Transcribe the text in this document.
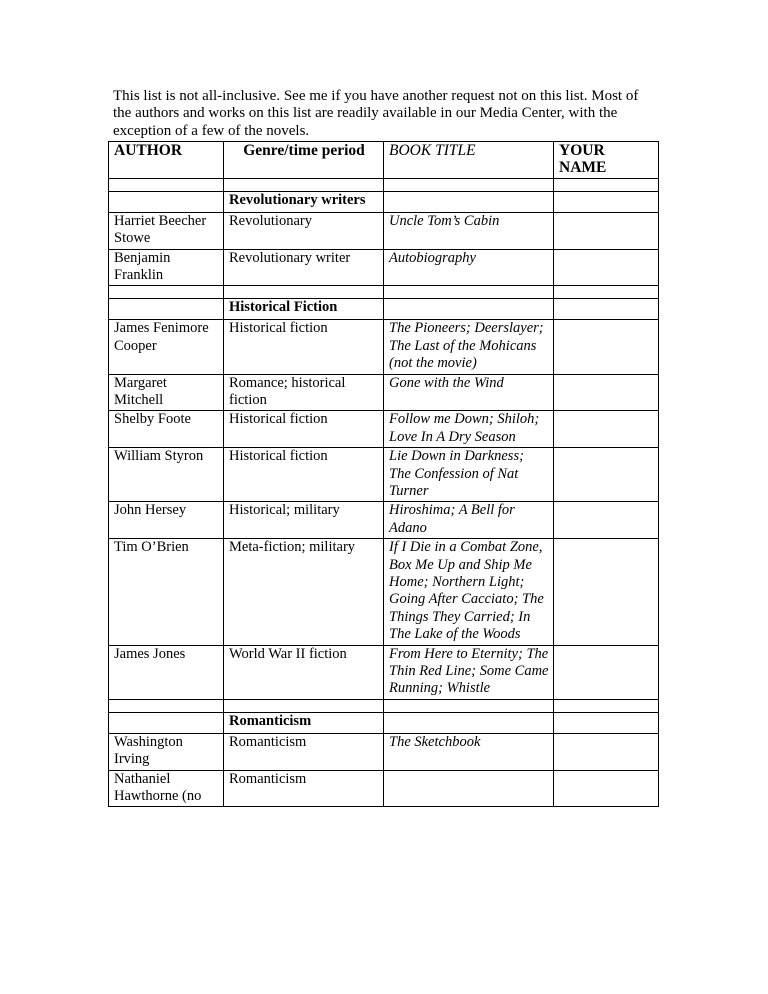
This list is not all-inclusive. See me if you have another request not on this list. Most of
the authors and works on this list are readily available in our Media Center, with the
exception of a few of the novels.
AUTHOR	Genre/time period	BOOK TITLE	YOUR NAME

	Revolutionary writers		
Harriet Beecher Stowe	Revolutionary	Uncle Tom’s Cabin	
Benjamin Franklin	Revolutionary writer	Autobiography	

	Historical Fiction		
James Fenimore Cooper	Historical fiction	The Pioneers; Deerslayer; The Last of the Mohicans (not the movie)	
Margaret Mitchell	Romance; historical fiction	Gone with the Wind	
Shelby Foote	Historical fiction	Follow me Down; Shiloh; Love In A Dry Season	
William Styron	Historical fiction	Lie Down in Darkness; The Confession of Nat Turner	
John Hersey	Historical; military	Hiroshima; A Bell for Adano	
Tim O’Brien	Meta-fiction; military	If I Die in a Combat Zone, Box Me Up and Ship Me Home; Northern Light; Going After Cacciato; The Things They Carried; In The Lake of the Woods	
James Jones	World War II fiction	From Here to Eternity; The Thin Red Line; Some Came Running; Whistle	

	Romanticism		
Washington Irving	Romanticism	The Sketchbook	
Nathaniel Hawthorne (no	Romanticism		
